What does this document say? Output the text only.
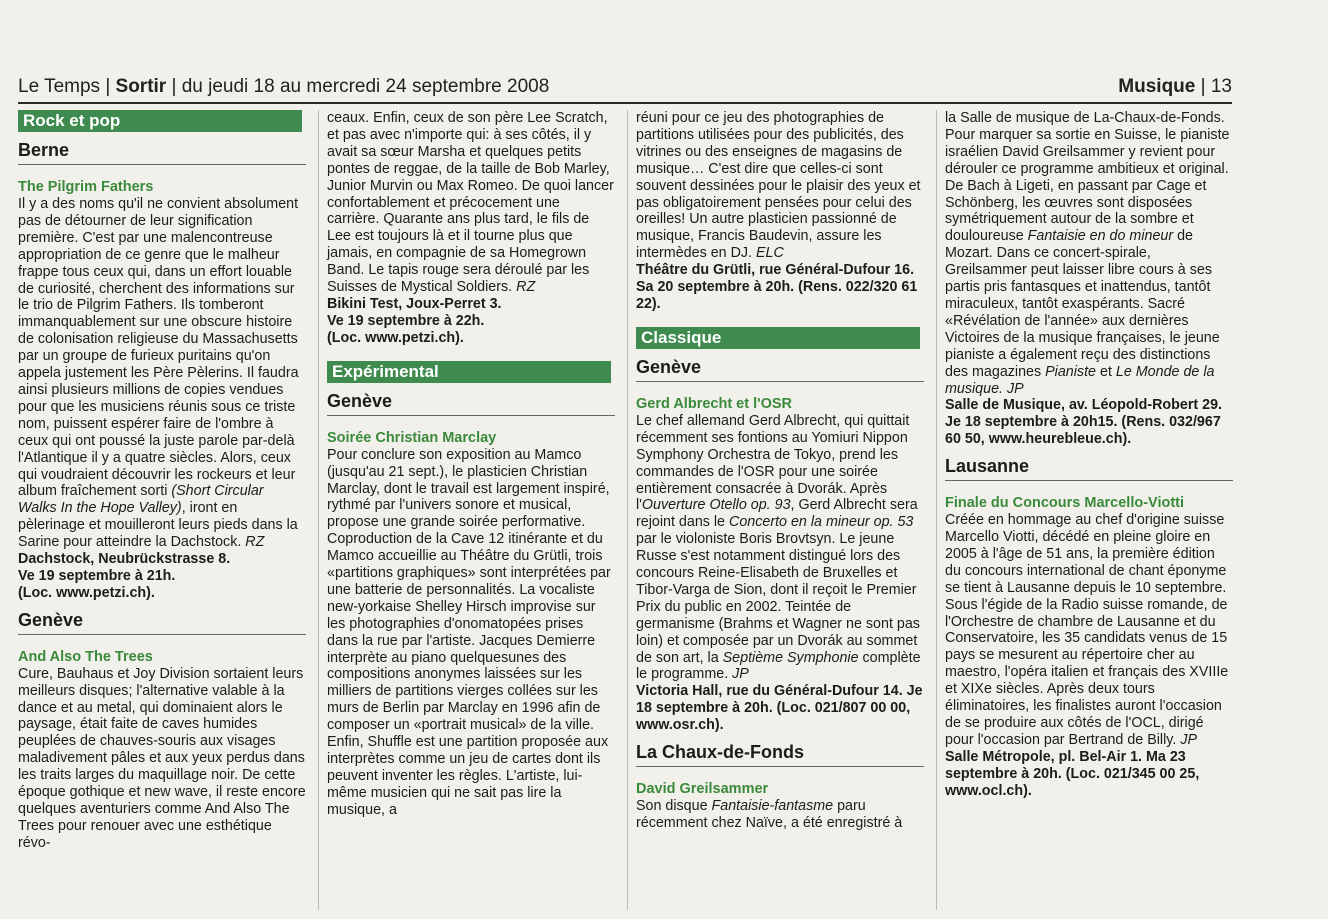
Le Temps | Sortir | du jeudi 18 au mercredi 24 septembre 2008	Musique | 13
Rock et pop
Berne
The Pilgrim Fathers
Il y a des noms qu'il ne convient absolument pas de détourner de leur signification première. C'est par une malencontreuse appropriation de ce genre que le malheur frappe tous ceux qui, dans un effort louable de curiosité, cherchent des informations sur le trio de Pilgrim Fathers. Ils tomberont immanquablement sur une obscure histoire de colonisation religieuse du Massachusetts par un groupe de furieux puritains qu'on appela justement les Père Pèlerins. Il faudra ainsi plusieurs millions de copies vendues pour que les musiciens réunis sous ce triste nom, puissent espérer faire de l'ombre à ceux qui ont poussé la juste parole par-delà l'Atlantique il y a quatre siècles. Alors, ceux qui voudraient découvrir les rockeurs et leur album fraîchement sorti (Short Circular Walks In the Hope Valley), iront en pèlerinage et mouilleront leurs pieds dans la Sarine pour atteindre la Dachstock. RZ
Dachstock, Neubrückstrasse 8.
Ve 19 septembre à 21h.
(Loc. www.petzi.ch).
Genève
And Also The Trees
Cure, Bauhaus et Joy Division sortaient leurs meilleurs disques; l'alternative valable à la dance et au metal, qui dominaient alors le paysage, était faite de caves humides peuplées de chauves-souris aux visages maladivement pâles et aux yeux perdus dans les traits larges du maquillage noir. De cette époque gothique et new wave, il reste encore quelques aventuriers comme And Also The Trees pour renouer avec une esthétique révo-
ceaux. Enfin, ceux de son père Lee Scratch, et pas avec n'importe qui: à ses côtés, il y avait sa sœur Marsha et quelques petits pontes de reggae, de la taille de Bob Marley, Junior Murvin ou Max Romeo. De quoi lancer confortablement et précocement une carrière. Quarante ans plus tard, le fils de Lee est toujours là et il tourne plus que jamais, en compagnie de sa Homegrown Band. Le tapis rouge sera déroulé par les Suisses de Mystical Soldiers. RZ
Bikini Test, Joux-Perret 3.
Ve 19 septembre à 22h.
(Loc. www.petzi.ch).
Expérimental
Genève
Soirée Christian Marclay
Pour conclure son exposition au Mamco (jusqu'au 21 sept.), le plasticien Christian Marclay, dont le travail est largement inspiré, rythmé par l'univers sonore et musical, propose une grande soirée performative. Coproduction de la Cave 12 itinérante et du Mamco accueillie au Théâtre du Grütli, trois «partitions graphiques» sont interprétées par une batterie de personnalités. La vocaliste new-yorkaise Shelley Hirsch improvise sur les photographies d'onomatopées prises dans la rue par l'artiste. Jacques Demierre interprète au piano quelquesunes des compositions anonymes laissées sur les milliers de partitions vierges collées sur les murs de Berlin par Marclay en 1996 afin de composer un «portrait musical» de la ville. Enfin, Shuffle est une partition proposée aux interprètes comme un jeu de cartes dont ils peuvent inventer les règles. L'artiste, lui-même musicien qui ne sait pas lire la musique, a
réuni pour ce jeu des photographies de partitions utilisées pour des publicités, des vitrines ou des enseignes de magasins de musique… C'est dire que celles-ci sont souvent dessinées pour le plaisir des yeux et pas obligatoirement pensées pour celui des oreilles! Un autre plasticien passionné de musique, Francis Baudevin, assure les intermèdes en DJ. ELC
Théâtre du Grütli, rue Général-Dufour 16. Sa 20 septembre à 20h. (Rens. 022/320 61 22).
Classique
Genève
Gerd Albrecht et l'OSR
Le chef allemand Gerd Albrecht, qui quittait récemment ses fontions au Yomiuri Nippon Symphony Orchestra de Tokyo, prend les commandes de l'OSR pour une soirée entièrement consacrée à Dvorák. Après l'Ouverture Otello op. 93, Gerd Albrecht sera rejoint dans le Concerto en la mineur op. 53 par le violoniste Boris Brovtsyn. Le jeune Russe s'est notamment distingué lors des concours Reine-Elisabeth de Bruxelles et Tibor-Varga de Sion, dont il reçoit le Premier Prix du public en 2002. Teintée de germanisme (Brahms et Wagner ne sont pas loin) et composée par un Dvorák au sommet de son art, la Septième Symphonie complète le programme. JP
Victoria Hall, rue du Général-Dufour 14. Je 18 septembre à 20h. (Loc. 021/807 00 00, www.osr.ch).
La Chaux-de-Fonds
David Greilsammer
Son disque Fantaisie-fantasme paru récemment chez Naïve, a été enregistré à
la Salle de musique de La-Chaux-de-Fonds. Pour marquer sa sortie en Suisse, le pianiste israélien David Greilsammer y revient pour dérouler ce programme ambitieux et original. De Bach à Ligeti, en passant par Cage et Schönberg, les œuvres sont disposées symétriquement autour de la sombre et douloureuse Fantaisie en do mineur de Mozart. Dans ce concert-spirale, Greilsammer peut laisser libre cours à ses partis pris fantasques et inattendus, tantôt miraculeux, tantôt exaspérants. Sacré «Révélation de l'année» aux dernières Victoires de la musique françaises, le jeune pianiste a également reçu des distinctions des magazines Pianiste et Le Monde de la musique. JP
Salle de Musique, av. Léopold-Robert 29. Je 18 septembre à 20h15. (Rens. 032/967 60 50, www.heurebleue.ch).
Lausanne
Finale du Concours Marcello-Viotti
Créée en hommage au chef d'origine suisse Marcello Viotti, décédé en pleine gloire en 2005 à l'âge de 51 ans, la première édition du concours international de chant éponyme se tient à Lausanne depuis le 10 septembre. Sous l'égide de la Radio suisse romande, de l'Orchestre de chambre de Lausanne et du Conservatoire, les 35 candidats venus de 15 pays se mesurent au répertoire cher au maestro, l'opéra italien et français des XVIIIe et XIXe siècles. Après deux tours éliminatoires, les finalistes auront l'occasion de se produire aux côtés de l'OCL, dirigé pour l'occasion par Bertrand de Billy. JP
Salle Métropole, pl. Bel-Air 1. Ma 23 septembre à 20h. (Loc. 021/345 00 25, www.ocl.ch).
